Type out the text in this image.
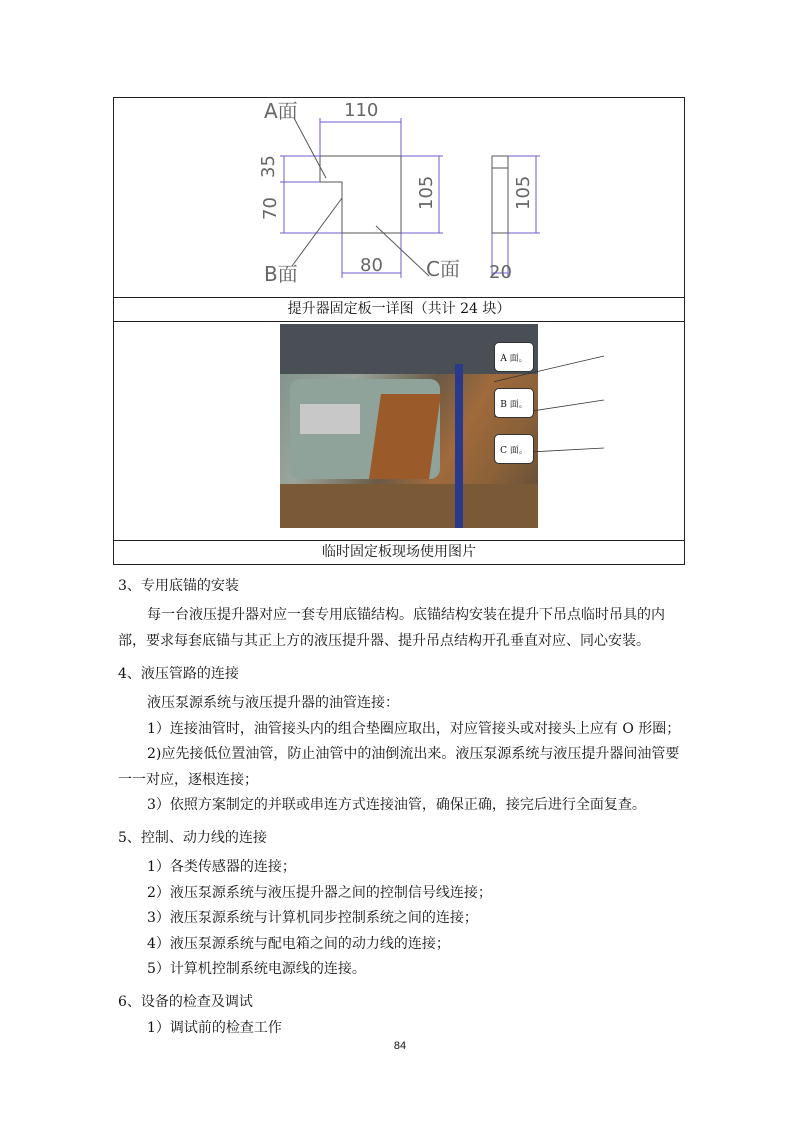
A面	110
35
70	105
B面	80 C面
105
20
提升器固定板一详图（共计 24 块）
A 面。
B 面。
C 面。
临时固定板现场使用图片

3、专用底锚的安装

每一台液压提升器对应一套专用底锚结构。底锚结构安装在提升下吊点临时吊具的内

部，要求每套底锚与其正上方的液压提升器、提升吊点结构开孔垂直对应、同心安装。

4、液压管路的连接

液压泵源系统与液压提升器的油管连接：

1）连接油管时，油管接头内的组合垫圈应取出，对应管接头或对接头上应有 O 形圈；

2)应先接低位置油管，防止油管中的油倒流出来。液压泵源系统与液压提升器间油管要

一一对应，逐根连接；

3）依照方案制定的并联或串连方式连接油管，确保正确，接完后进行全面复查。

5、控制、动力线的连接

1）各类传感器的连接；

2）液压泵源系统与液压提升器之间的控制信号线连接；

3）液压泵源系统与计算机同步控制系统之间的连接；

4）液压泵源系统与配电箱之间的动力线的连接；

5）计算机控制系统电源线的连接。

6、设备的检查及调试

1）调试前的检查工作

84
